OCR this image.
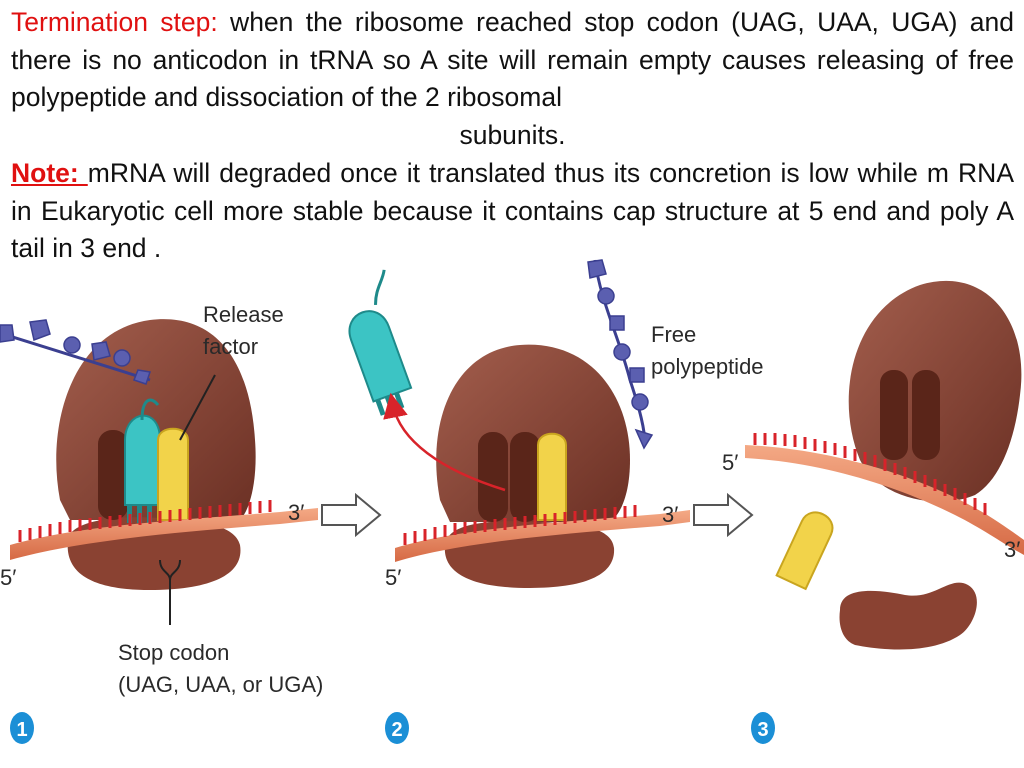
Termination step: when the ribosome reached stop codon (UAG, UAA, UGA) and there is no anticodon in tRNA so A site will remain empty causes releasing of free polypeptide and dissociation of the 2 ribosomal
subunits.

Note: mRNA will degraded once it translated thus its concretion is low while m RNA in Eukaryotic cell more stable because it contains cap structure at 5 end and poly A tail in 3 end .

Release
factor
Stop codon
(UAG, UAA, or UGA)
3′
5′
Free
polypeptide
3′
5′
5′
3′
1	2	3
